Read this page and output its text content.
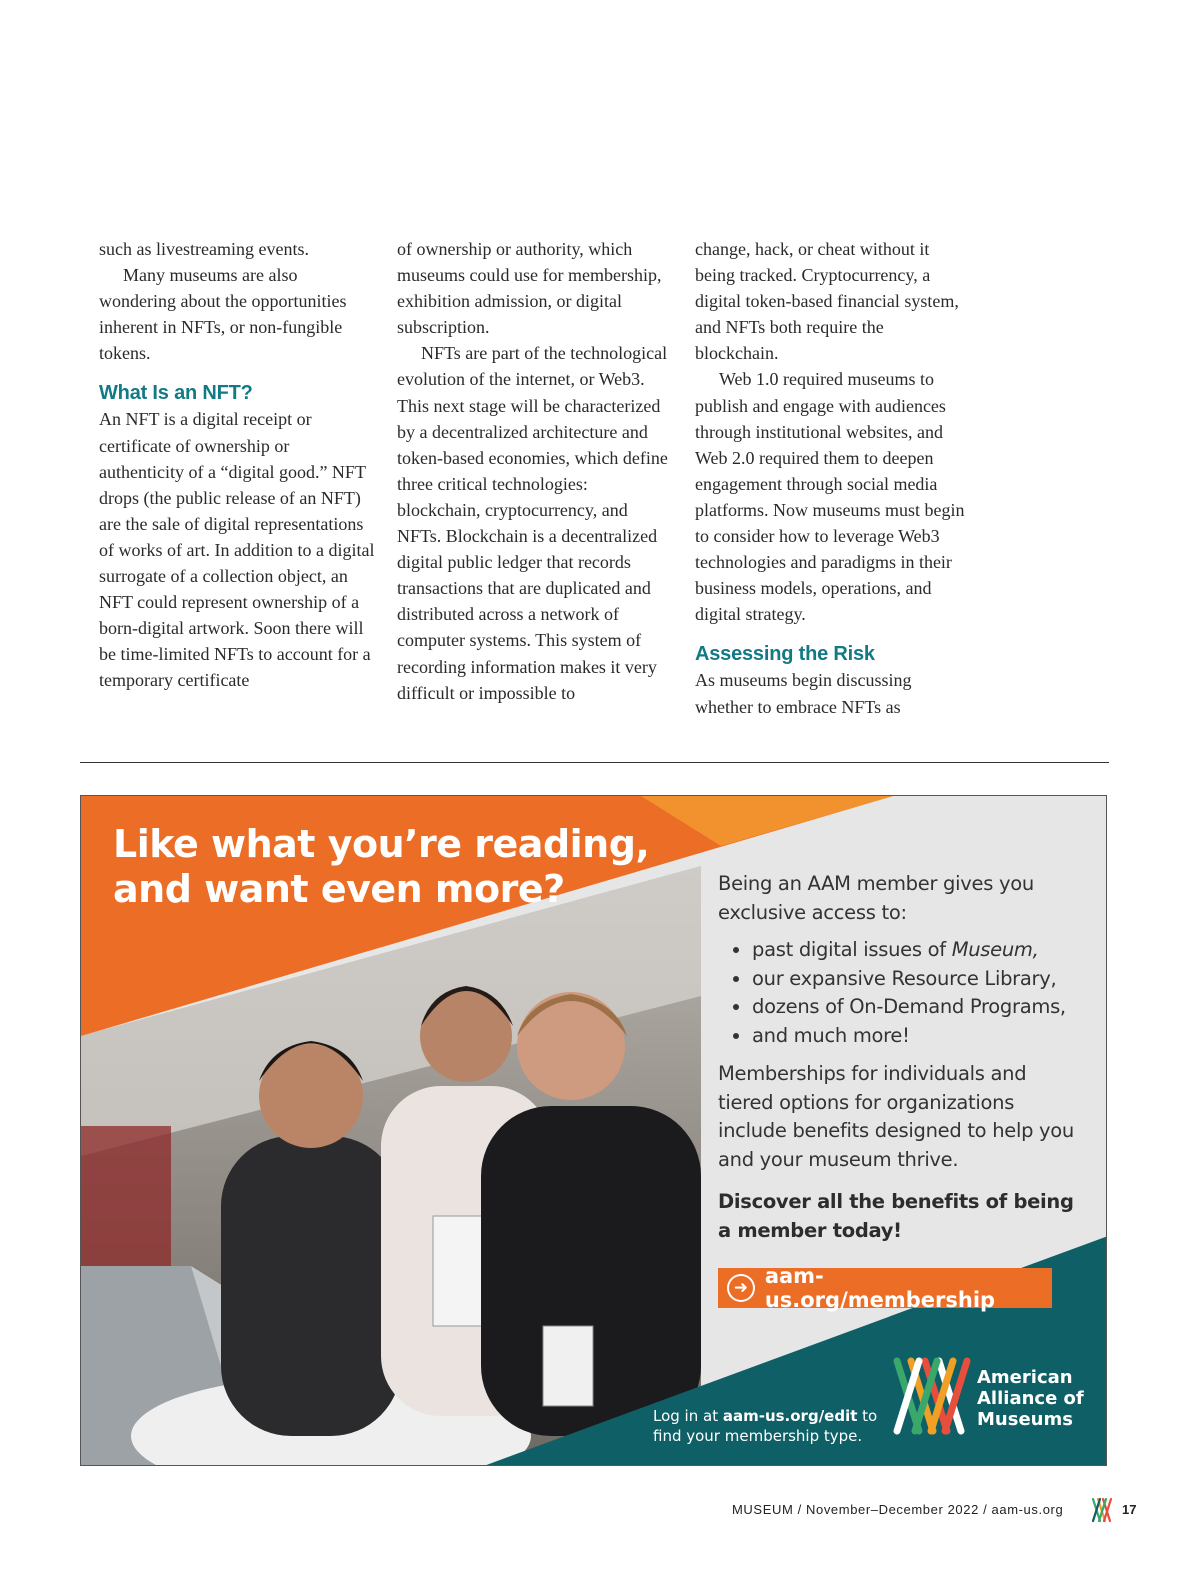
such as livestreaming events.

Many museums are also wondering about the opportunities inherent in NFTs, or non-fungible tokens.

What Is an NFT?

An NFT is a digital receipt or certificate of ownership or authenticity of a “digital good.” NFT drops (the public release of an NFT) are the sale of digital representations of works of art. In addition to a digital surrogate of a collection object, an NFT could represent ownership of a born-digital artwork. Soon there will be time-limited NFTs to account for a temporary certificate

of ownership or authority, which museums could use for membership, exhibition admission, or digital subscription.

NFTs are part of the technological evolution of the internet, or Web3. This next stage will be characterized by a decentralized architecture and token-based economies, which define three critical technologies: blockchain, cryptocurrency, and NFTs. Blockchain is a decentralized digital public ledger that records transactions that are duplicated and distributed across a network of computer systems. This system of recording information makes it very difficult or impossible to

change, hack, or cheat without it being tracked. Cryptocurrency, a digital token-based financial system, and NFTs both require the blockchain.

Web 1.0 required museums to publish and engage with audiences through institutional websites, and Web 2.0 required them to deepen engagement through social media platforms. Now museums must begin to consider how to leverage Web3 technologies and paradigms in their business models, operations, and digital strategy.

Assessing the Risk

As museums begin discussing whether to embrace NFTs as

Like what you’re reading, and want even more?	Being an AAM member gives you exclusive access to:

• past digital issues of Museum,
• our expansive Resource Library,
• dozens of On-Demand Programs,
• and much more!

Memberships for individuals and tiered options for organizations include benefits designed to help you and your museum thrive.

Discover all the benefits of being a member today!

➜ aam-us.org/membership
Log in at aam-us.org/edit to find your membership type.
American
Alliance of
Museums
MUSEUM / November–December 2022 / aam-us.org	17
